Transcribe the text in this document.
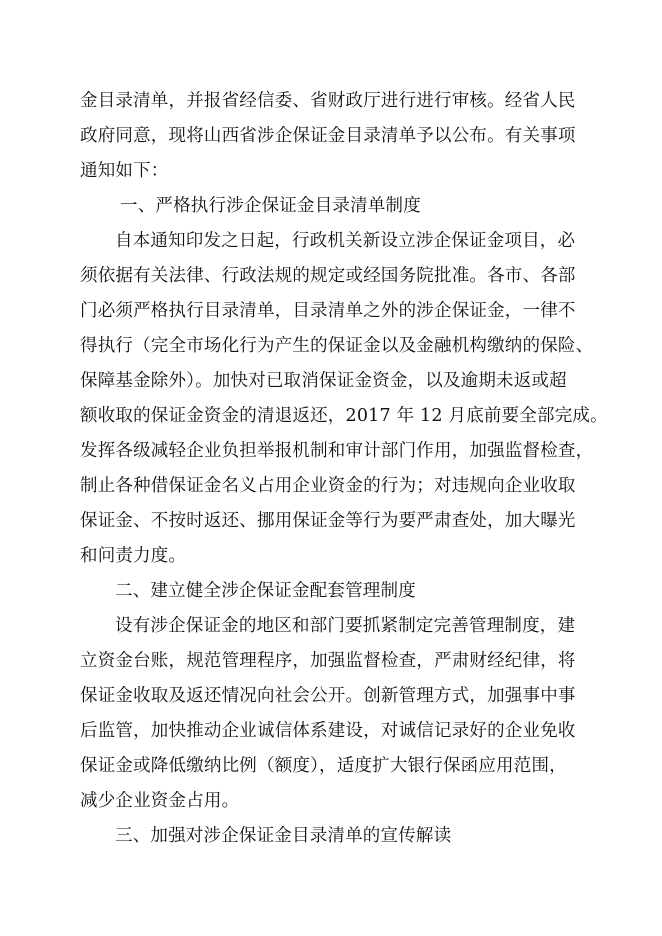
金目录清单，并报省经信委、省财政厅进行进行审核。经省人民
政府同意，现将山西省涉企保证金目录清单予以公布。有关事项
通知如下：
一、严格执行涉企保证金目录清单制度
自本通知印发之日起，行政机关新设立涉企保证金项目，必
须依据有关法律、行政法规的规定或经国务院批准。各市、各部
门必须严格执行目录清单，目录清单之外的涉企保证金，一律不
得执行（完全市场化行为产生的保证金以及金融机构缴纳的保险、
保障基金除外）。加快对已取消保证金资金，以及逾期未返或超
额收取的保证金资金的清退返还，2017 年 12 月底前要全部完成。
发挥各级减轻企业负担举报机制和审计部门作用，加强监督检查，
制止各种借保证金名义占用企业资金的行为；对违规向企业收取
保证金、不按时返还、挪用保证金等行为要严肃查处，加大曝光
和问责力度。
二、建立健全涉企保证金配套管理制度
设有涉企保证金的地区和部门要抓紧制定完善管理制度，建
立资金台账，规范管理程序，加强监督检查，严肃财经纪律，将
保证金收取及返还情况向社会公开。创新管理方式，加强事中事
后监管，加快推动企业诚信体系建设，对诚信记录好的企业免收
保证金或降低缴纳比例（额度），适度扩大银行保函应用范围，
减少企业资金占用。
三、加强对涉企保证金目录清单的宣传解读
